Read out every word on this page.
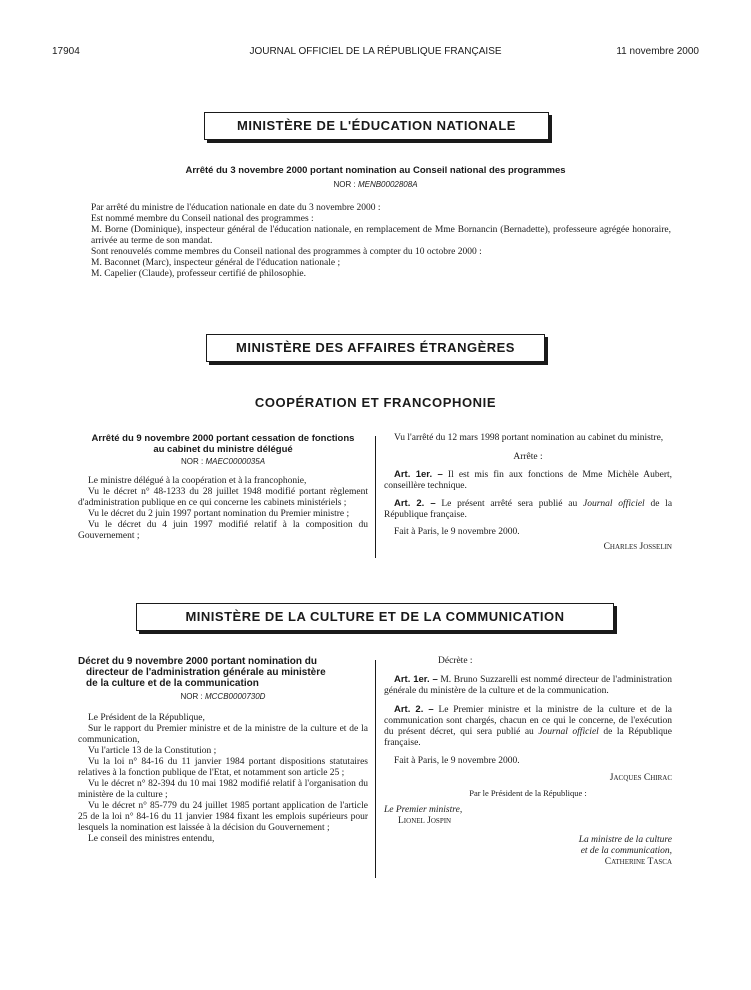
17904	JOURNAL OFFICIEL DE LA RÉPUBLIQUE FRANÇAISE	11 novembre 2000
MINISTÈRE DE L'ÉDUCATION NATIONALE
Arrêté du 3 novembre 2000 portant nomination au Conseil national des programmes
NOR : MENB0002808A

Par arrêté du ministre de l'éducation nationale en date du 3 novembre 2000 :

Est nommé membre du Conseil national des programmes :

M. Borne (Dominique), inspecteur général de l'éducation nationale, en remplacement de Mme Bornancin (Bernadette), professeure agrégée honoraire, arrivée au terme de son mandat.

Sont renouvelés comme membres du Conseil national des programmes à compter du 10 octobre 2000 :

M. Baconnet (Marc), inspecteur général de l'éducation nationale ;

M. Capelier (Claude), professeur certifié de philosophie.

MINISTÈRE DES AFFAIRES ÉTRANGÈRES
COOPÉRATION ET FRANCOPHONIE
Arrêté du 9 novembre 2000 portant cessation de fonctions
au cabinet du ministre délégué
NOR : MAEC0000035A

Le ministre délégué à la coopération et à la francophonie,

Vu le décret n° 48-1233 du 28 juillet 1948 modifié portant règlement d'administration publique en ce qui concerne les cabinets ministériels ;

Vu le décret du 2 juin 1997 portant nomination du Premier ministre ;

Vu le décret du 4 juin 1997 modifié relatif à la composition du Gouvernement ;

Vu l'arrêté du 12 mars 1998 portant nomination au cabinet du ministre,

Arrête :

Art. 1er. – Il est mis fin aux fonctions de Mme Michèle Aubert, conseillère technique.

Art. 2. – Le présent arrêté sera publié au Journal officiel de la République française.

Fait à Paris, le 9 novembre 2000.

Charles Josselin

MINISTÈRE DE LA CULTURE ET DE LA COMMUNICATION
Décret du 9 novembre 2000 portant nomination du
directeur de l'administration générale au ministère
de la culture et de la communication
NOR : MCCB0000730D

Le Président de la République,

Sur le rapport du Premier ministre et de la ministre de la culture et de la communication,

Vu l'article 13 de la Constitution ;

Vu la loi n° 84-16 du 11 janvier 1984 portant dispositions statutaires relatives à la fonction publique de l'Etat, et notamment son article 25 ;

Vu le décret n° 82-394 du 10 mai 1982 modifié relatif à l'organisation du ministère de la culture ;

Vu le décret n° 85-779 du 24 juillet 1985 portant application de l'article 25 de la loi n° 84-16 du 11 janvier 1984 fixant les emplois supérieurs pour lesquels la nomination est laissée à la décision du Gouvernement ;

Le conseil des ministres entendu,

Décrète :

Art. 1er. – M. Bruno Suzzarelli est nommé directeur de l'administration générale du ministère de la culture et de la communication.

Art. 2. – Le Premier ministre et la ministre de la culture et de la communication sont chargés, chacun en ce qui le concerne, de l'exécution du présent décret, qui sera publié au Journal officiel de la République française.

Fait à Paris, le 9 novembre 2000.

Jacques Chirac

Par le Président de la République :

Le Premier ministre,

Lionel Jospin

La ministre de la culture

et de la communication,

Catherine Tasca
